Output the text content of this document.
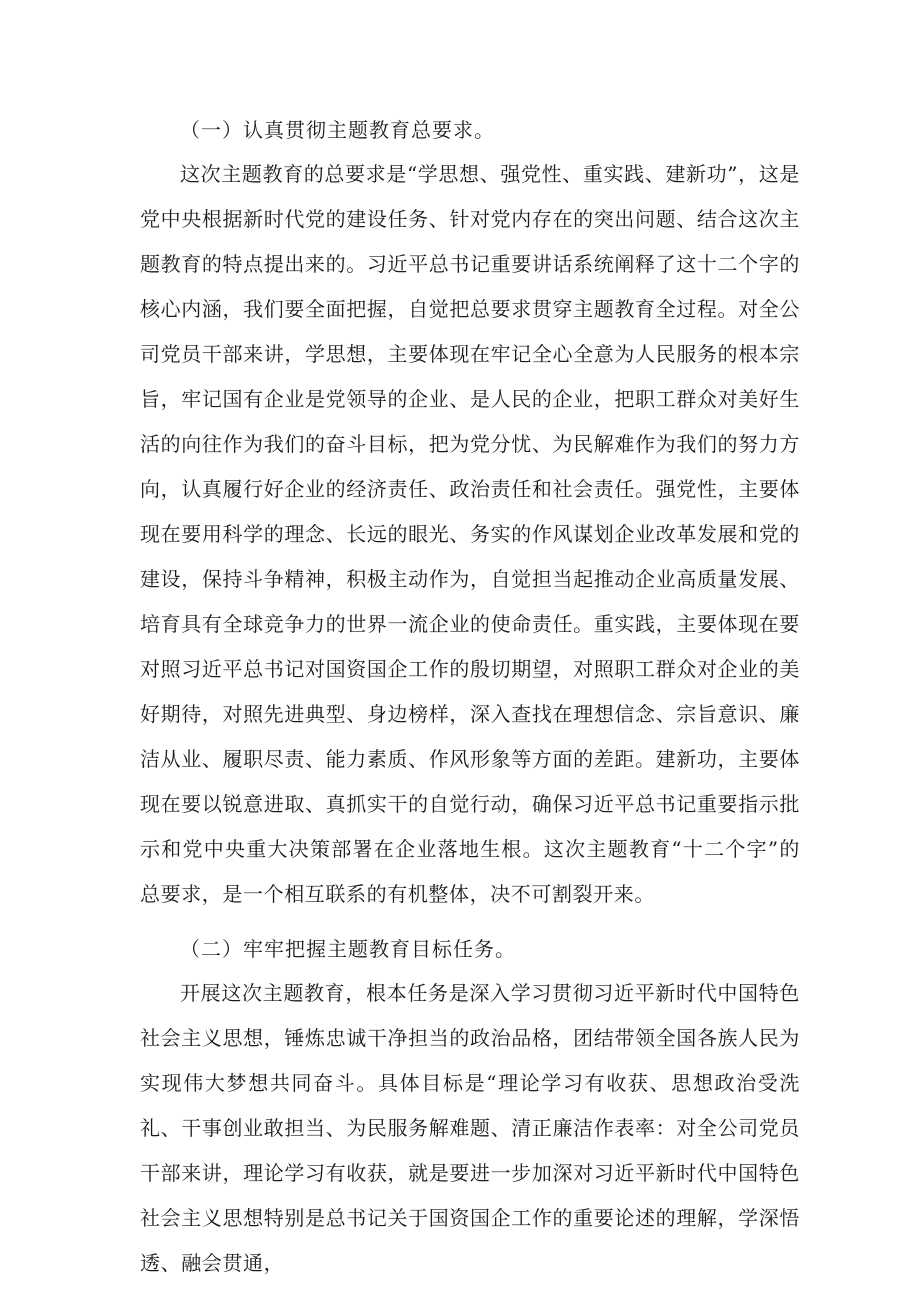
（一）认真贯彻主题教育总要求。

这次主题教育的总要求是“学思想、强党性、重实践、建新功”，这是党中央根据新时代党的建设任务、针对党内存在的突出问题、结合这次主题教育的特点提出来的。习近平总书记重要讲话系统阐释了这十二个字的核心内涵，我们要全面把握，自觉把总要求贯穿主题教育全过程。对全公司党员干部来讲，学思想，主要体现在牢记全心全意为人民服务的根本宗旨，牢记国有企业是党领导的企业、是人民的企业，把职工群众对美好生活的向往作为我们的奋斗目标，把为党分忧、为民解难作为我们的努力方向，认真履行好企业的经济责任、政治责任和社会责任。强党性，主要体现在要用科学的理念、长远的眼光、务实的作风谋划企业改革发展和党的建设，保持斗争精神，积极主动作为，自觉担当起推动企业高质量发展、培育具有全球竞争力的世界一流企业的使命责任。重实践，主要体现在要对照习近平总书记对国资国企工作的殷切期望，对照职工群众对企业的美好期待，对照先进典型、身边榜样，深入查找在理想信念、宗旨意识、廉洁从业、履职尽责、能力素质、作风形象等方面的差距。建新功，主要体现在要以锐意进取、真抓实干的自觉行动，确保习近平总书记重要指示批示和党中央重大决策部署在企业落地生根。这次主题教育“十二个字”的总要求，是一个相互联系的有机整体，决不可割裂开来。

（二）牢牢把握主题教育目标任务。

开展这次主题教育，根本任务是深入学习贯彻习近平新时代中国特色社会主义思想，锤炼忠诚干净担当的政治品格，团结带领全国各族人民为实现伟大梦想共同奋斗。具体目标是“理论学习有收获、思想政治受洗礼、干事创业敢担当、为民服务解难题、清正廉洁作表率：对全公司党员干部来讲，理论学习有收获，就是要进一步加深对习近平新时代中国特色社会主义思想特别是总书记关于国资国企工作的重要论述的理解，学深悟透、融会贯通，
